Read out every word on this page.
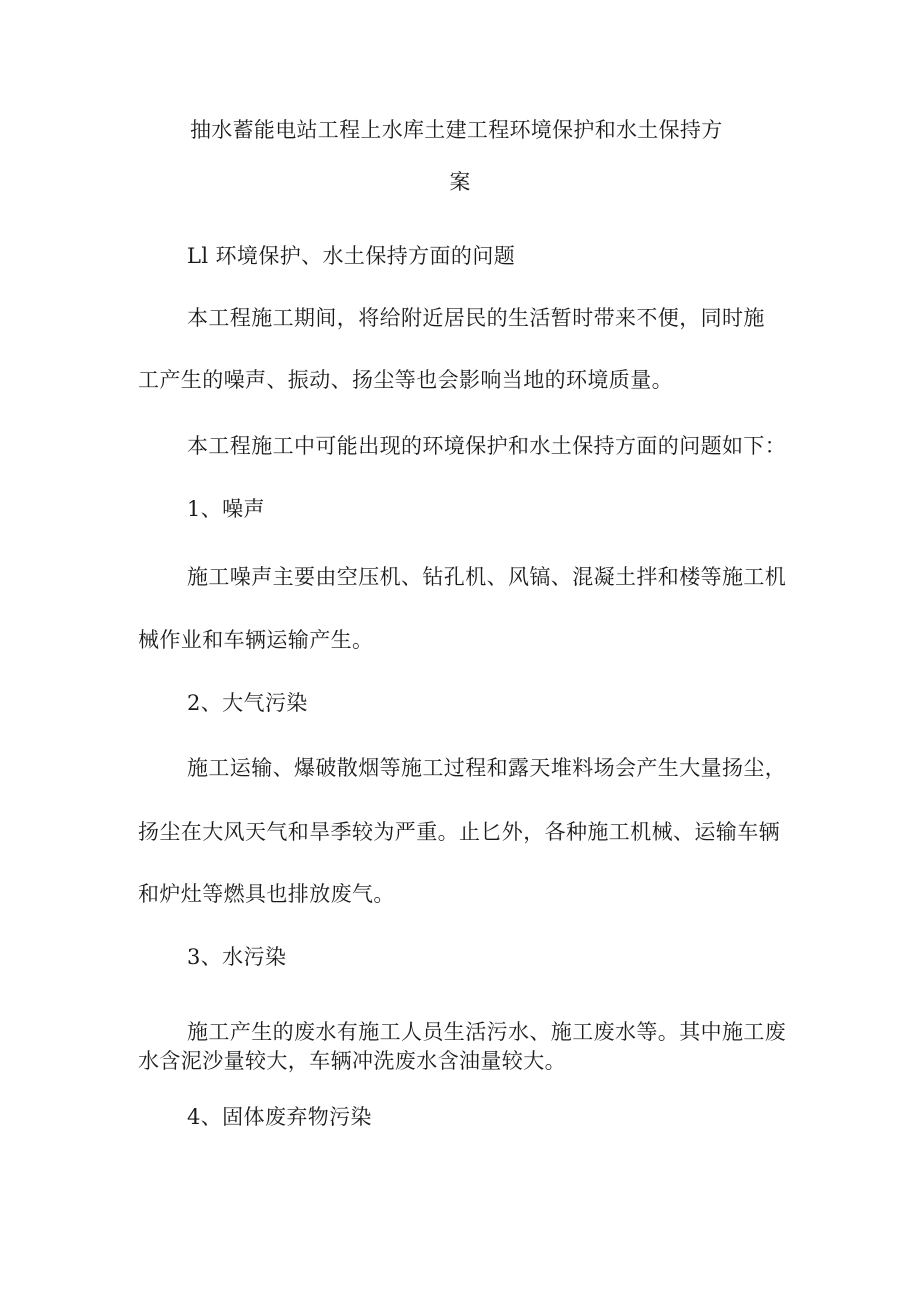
抽水蓄能电站工程上水库土建工程环境保护和水土保持方
案
Ll 环境保护、水土保持方面的问题
本工程施工期间，将给附近居民的生活暂时带来不便，同时施
工产生的噪声、振动、扬尘等也会影响当地的环境质量。
本工程施工中可能出现的环境保护和水土保持方面的问题如下：
1、噪声
施工噪声主要由空压机、钻孔机、风镐、混凝土拌和楼等施工机
械作业和车辆运输产生。
2、大气污染
施工运输、爆破散烟等施工过程和露天堆料场会产生大量扬尘，
扬尘在大风天气和旱季较为严重。止匕外，各种施工机械、运输车辆
和炉灶等燃具也排放废气。
3、水污染
施工产生的废水有施工人员生活污水、施工废水等。其中施工废
水含泥沙量较大，车辆冲洗废水含油量较大。
4、固体废弃物污染
